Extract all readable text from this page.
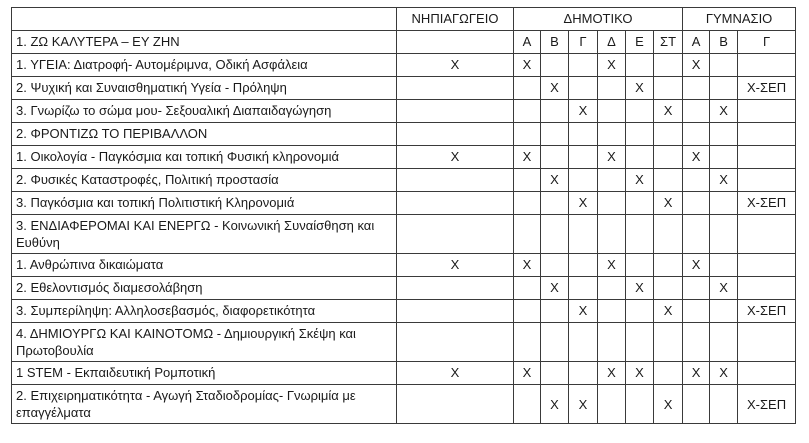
	ΝΗΠΙΑΓΩΓΕΙΟ	ΔΗΜΟΤΙΚΟ						ΓΥΜΝΑΣΙΟ		
1. ΖΩ ΚΑΛΥΤΕΡΑ – ΕΥ ΖΗΝ		Α	Β	Γ	Δ	Ε	ΣΤ	Α	Β	Γ
1. ΥΓΕΙΑ: Διατροφή- Αυτομέριμνα, Οδική Ασφάλεια	Χ	Χ			Χ			Χ		
2. Ψυχική και Συναισθηματική Υγεία - Πρόληψη			Χ			Χ				Χ-ΣΕΠ
3. Γνωρίζω το σώμα μου- Σεξουαλική Διαπαιδαγώγηση				Χ			Χ		Χ	
2. ΦΡΟΝΤΙΖΩ ΤΟ ΠΕΡΙΒΑΛΛΟΝ										
1. Οικολογία - Παγκόσμια και τοπική Φυσική κληρονομιά	Χ	Χ			Χ			Χ		
2. Φυσικές Καταστροφές, Πολιτική προστασία			Χ			Χ			Χ	
3. Παγκόσμια και τοπική Πολιτιστική Κληρονομιά				Χ			Χ			Χ-ΣΕΠ
3. ΕΝΔΙΑΦΕΡΟΜΑΙ ΚΑΙ ΕΝΕΡΓΩ - Κοινωνική Συναίσθηση και Ευθύνη										
1. Ανθρώπινα δικαιώματα	Χ	Χ			Χ			Χ		
2. Εθελοντισμός διαμεσολάβηση			Χ			Χ			Χ	
3. Συμπερίληψη: Αλληλοσεβασμός, διαφορετικότητα				Χ			Χ			Χ-ΣΕΠ
4. ΔΗΜΙΟΥΡΓΩ ΚΑΙ ΚΑΙΝΟΤΟΜΩ - Δημιουργική Σκέψη και Πρωτοβουλία										
1 STEM - Εκπαιδευτική Ρομποτική	Χ	Χ			Χ	Χ		Χ	Χ	
2. Επιχειρηματικότητα - Αγωγή Σταδιοδρομίας- Γνωριμία με επαγγέλματα			Χ	Χ			Χ			Χ-ΣΕΠ
